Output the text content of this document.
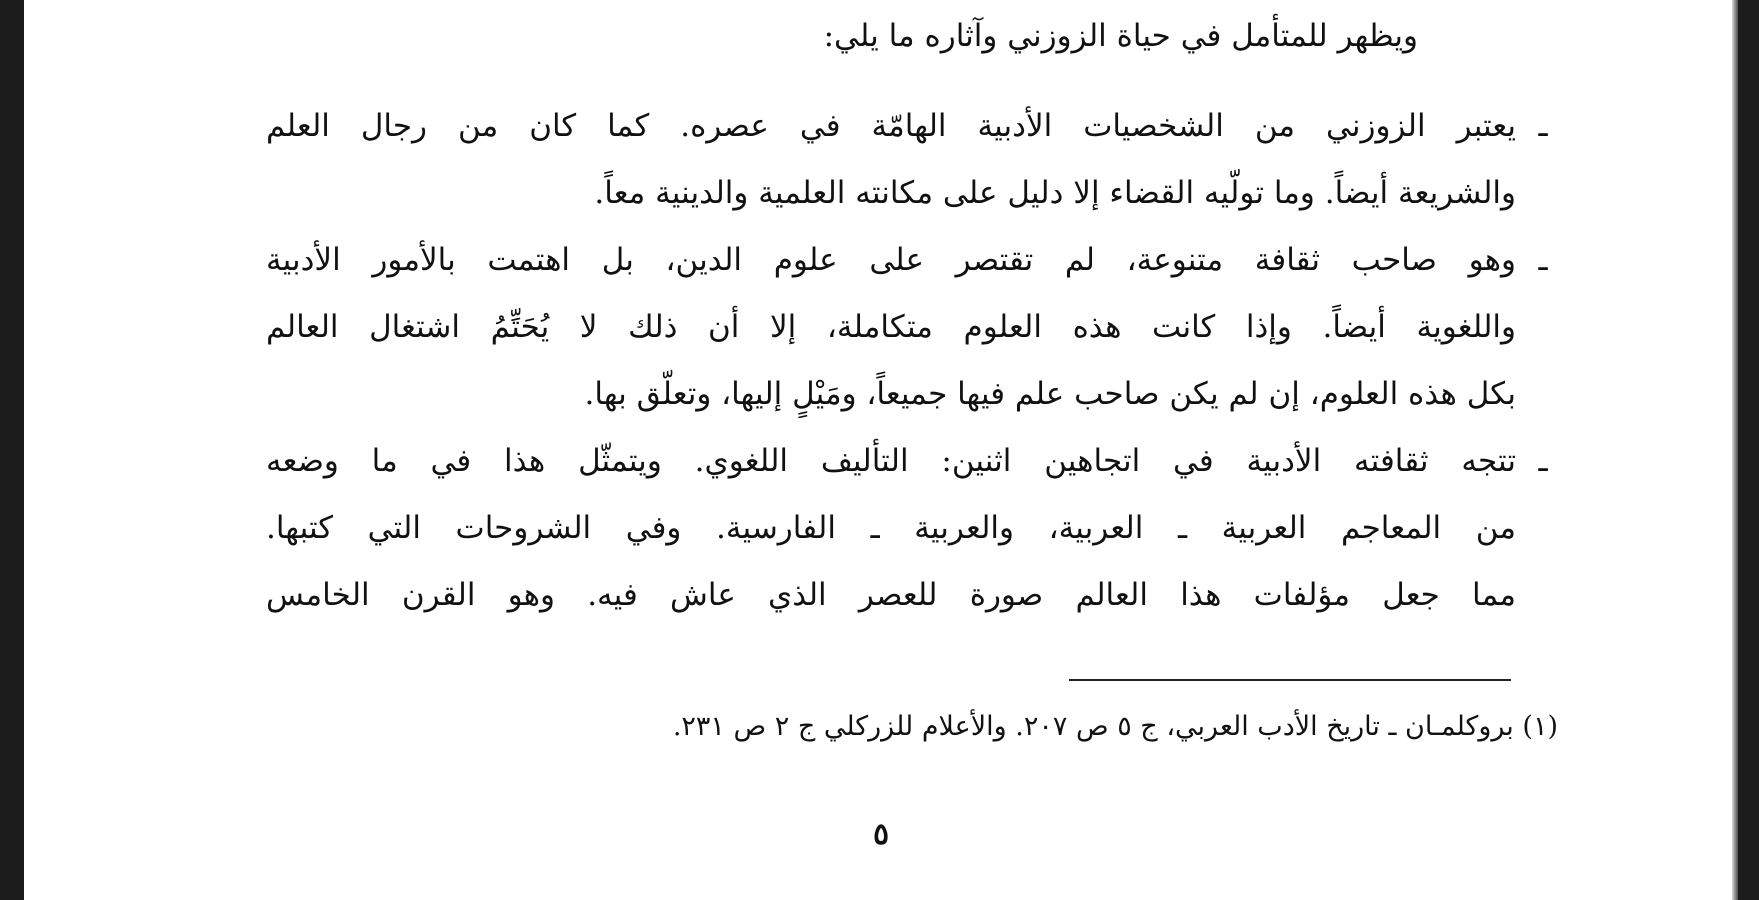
ويظهر للمتأمل في حياة الزوزني وآثاره ما يلي:
ـ
يعتبر الزوزني من الشخصيات الأدبية الهامّة في عصره. كما كان من رجال العلم
والشريعة أيضاً. وما تولّيه القضاء إلا دليل على مكانته العلمية والدينية معاً.
ـ
وهو صاحب ثقافة متنوعة، لم تقتصر على علوم الدين، بل اهتمت بالأمور الأدبية
واللغوية أيضاً. وإذا كانت هذه العلوم متكاملة، إلا أن ذلك لا يُحَتِّمُ اشتغال العالم
بكل هذه العلوم، إن لم يكن صاحب علم فيها جميعاً، ومَيْلٍ إليها، وتعلّق بها.
ـ
تتجه ثقافته الأدبية في اتجاهين اثنين: التأليف اللغوي. ويتمثّل هذا في ما وضعه
من المعاجم العربية ـ العربية، والعربية ـ الفارسية. وفي الشروحات التي كتبها.
مما جعل مؤلفات هذا العالم صورة للعصر الذي عاش فيه. وهو القرن الخامس
(١) بروكلمـان ـ تاريخ الأدب العربي، ج ٥ ص ٢٠٧. والأعلام للزركلي ج ٢ ص ٢٣١.
٥
